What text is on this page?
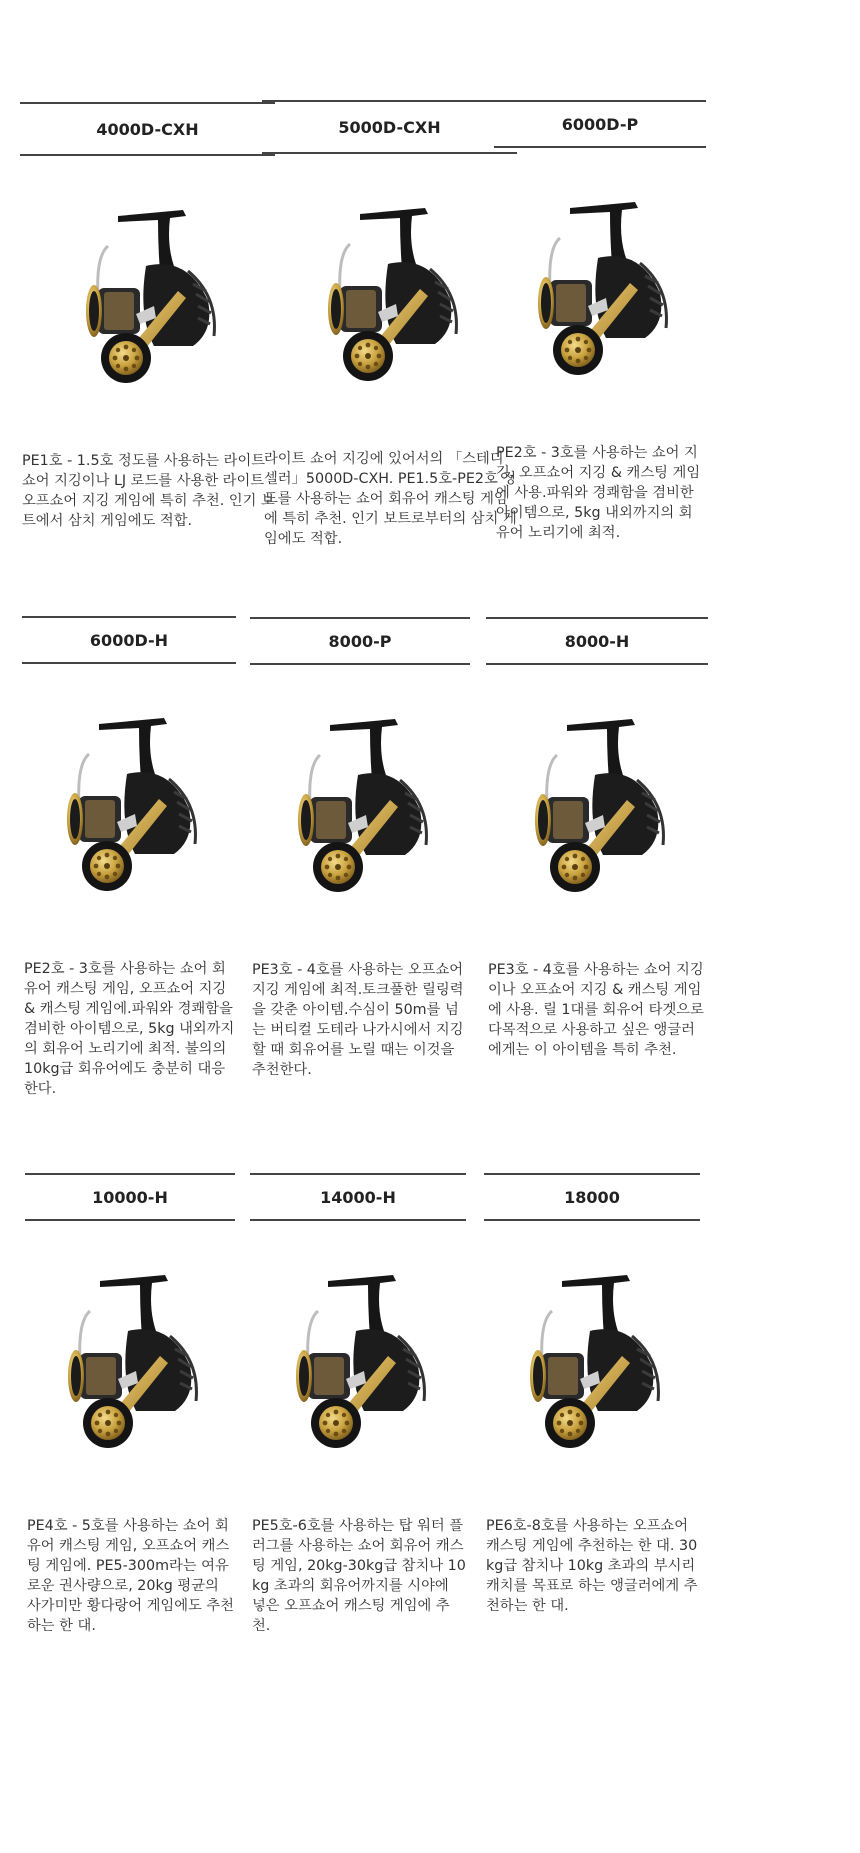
4000D-CXH
PE1호 - 1.5호 정도를 사용하는 라이트 쇼어 지깅이나 LJ 로드를 사용한 라이트 오프쇼어 지깅 게임에 특히 추천. 인기 보트에서 삼치 게임에도 적합.
5000D-CXH
라이트 쇼어 지깅에 있어서의 「스테디 셀러」5000D-CXH. PE1.5호-PE2호 정도를 사용하는 쇼어 회유어 캐스팅 게임에 특히 추천. 인기 보트로부터의 삼치 게임에도 적합.
6000D-P
PE2호 - 3호를 사용하는 쇼어 지깅, 오프쇼어 지깅 & 캐스팅 게임에 사용.파워와 경쾌함을 겸비한 아이템으로, 5kg 내외까지의 회유어 노리기에 최적.
6000D-H
PE2호 - 3호를 사용하는 쇼어 회유어 캐스팅 게임, 오프쇼어 지깅 & 캐스팅 게임에.파워와 경쾌함을 겸비한 아이템으로, 5kg 내외까지의 회유어 노리기에 최적. 불의의 10kg급 회유어에도 충분히 대응한다.
8000-P
PE3호 - 4호를 사용하는 오프쇼어 지깅 게임에 최적.토크풀한 릴링력을 갖춘 아이템.수심이 50m를 넘는 버티컬 도테라 나가시에서 지깅할 때 회유어를 노릴 때는 이것을 추천한다.
8000-H
PE3호 - 4호를 사용하는 쇼어 지깅이나 오프쇼어 지깅 & 캐스팅 게임에 사용. 릴 1대를 회유어 타겟으로 다목적으로 사용하고 싶은 앵글러에게는 이 아이템을 특히 추천.
10000-H
PE4호 - 5호를 사용하는 쇼어 회유어 캐스팅 게임, 오프쇼어 캐스팅 게임에. PE5-300m라는 여유로운 권사량으로, 20kg 평균의 사가미만 황다랑어 게임에도 추천하는 한 대.
14000-H
PE5호-6호를 사용하는 탑 워터 플러그를 사용하는 쇼어 회유어 캐스팅 게임, 20kg-30kg급 참치나 10kg 초과의 회유어까지를 시야에 넣은 오프쇼어 캐스팅 게임에 추천.
18000
PE6호-8호를 사용하는 오프쇼어 캐스팅 게임에 추천하는 한 대. 30kg급 참치나 10kg 초과의 부시리 캐치를 목표로 하는 앵글러에게 추천하는 한 대.
